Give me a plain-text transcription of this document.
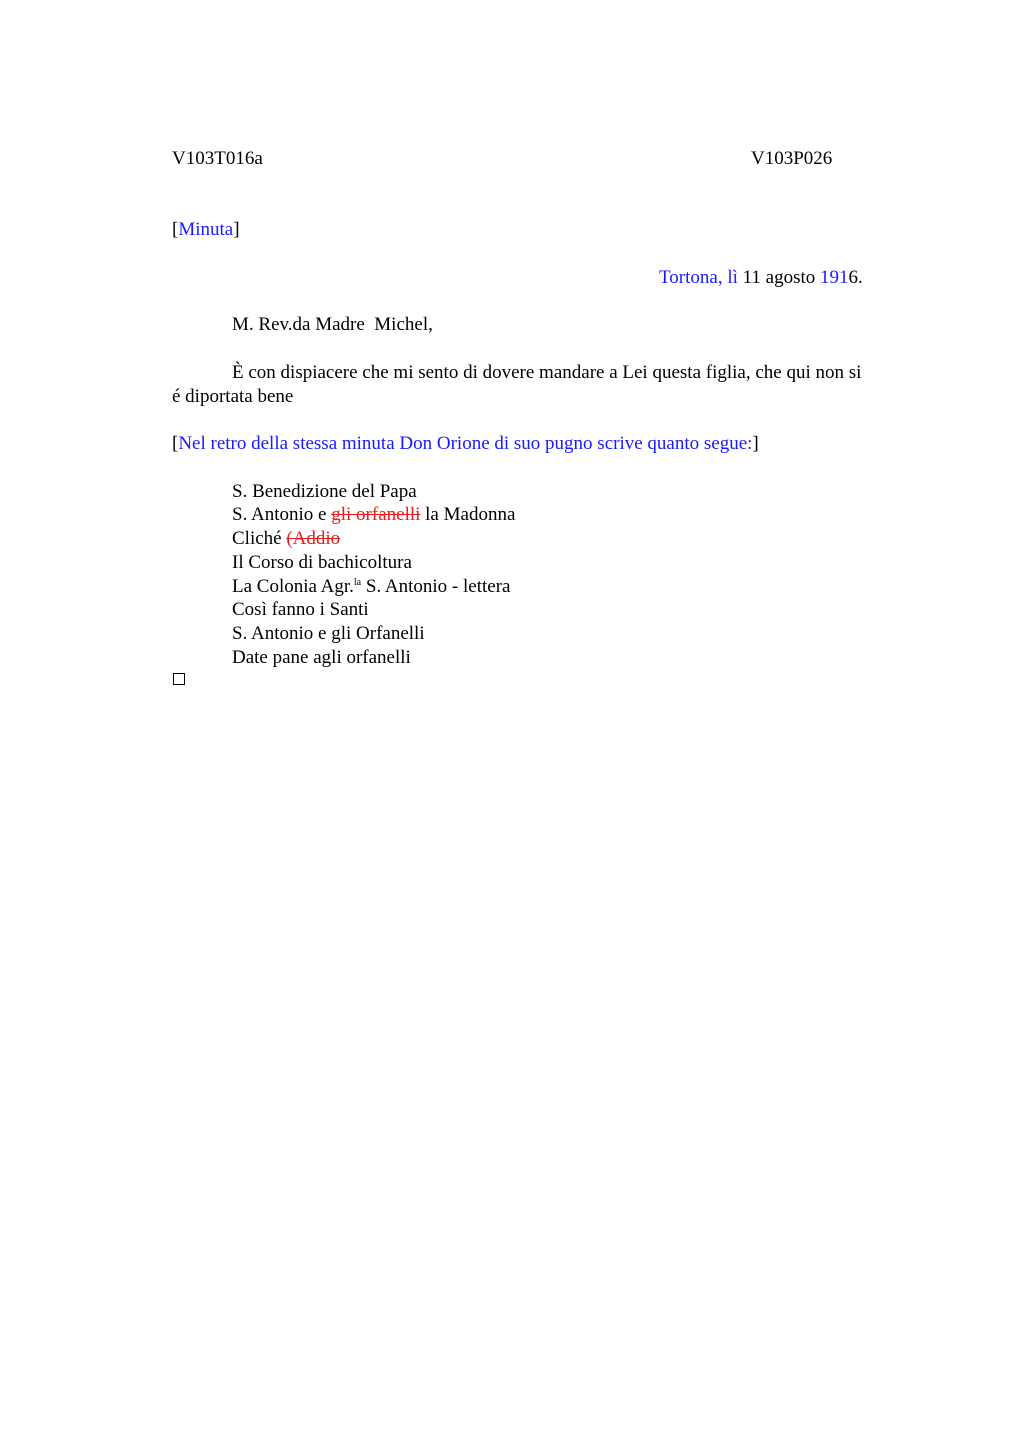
V103T016a	V103P026
[Minuta]
Tortona, lì 11 agosto 1916.
M. Rev.da Madre  Michel,
È con dispiacere che mi sento di dovere mandare a Lei questa figlia, che qui non si
é diportata bene
[Nel retro della stessa minuta Don Orione di suo pugno scrive quanto segue:]
S. Benedizione del Papa
S. Antonio e gli orfanelli la Madonna
Cliché (Addio
Il Corso di bachicoltura
La Colonia Agr.$^{la}$ S. Antonio - lettera
Così fanno i Santi
S. Antonio e gli Orfanelli
Date pane agli orfanelli
